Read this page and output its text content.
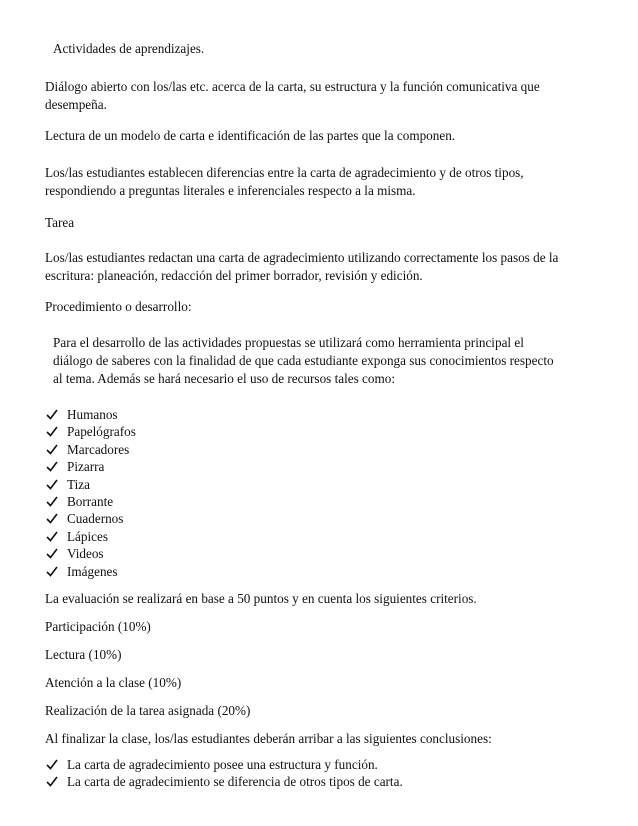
Actividades de aprendizajes.

Diálogo abierto con los/las etc. acerca de la carta, su estructura y la función comunicativa que desempeña.

Lectura de un modelo de carta e identificación de las partes que la componen.

Los/las estudiantes establecen diferencias entre la carta de agradecimiento y de otros tipos, respondiendo a preguntas literales e inferenciales respecto a la misma.

Tarea

Los/las estudiantes redactan una carta de agradecimiento utilizando correctamente los pasos de la escritura: planeación, redacción del primer borrador, revisión y edición.

Procedimiento o desarrollo:

Para el desarrollo de las actividades propuestas se utilizará como herramienta principal el diálogo de saberes con la finalidad de que cada estudiante exponga sus conocimientos respecto al tema. Además se hará necesario el uso de recursos tales como:

Humanos
Papelógrafos
Marcadores
Pizarra
Tiza
Borrante
Cuadernos
Lápices
Videos
Imágenes

La evaluación se realizará en base a 50 puntos y en cuenta los siguientes criterios.

Participación (10%)

Lectura (10%)

Atención a la clase (10%)

Realización de la tarea asignada (20%)

Al finalizar la clase, los/las estudiantes deberán arribar a las siguientes conclusiones:

La carta de agradecimiento posee una estructura y función.
La carta de agradecimiento se diferencia de otros tipos de carta.
